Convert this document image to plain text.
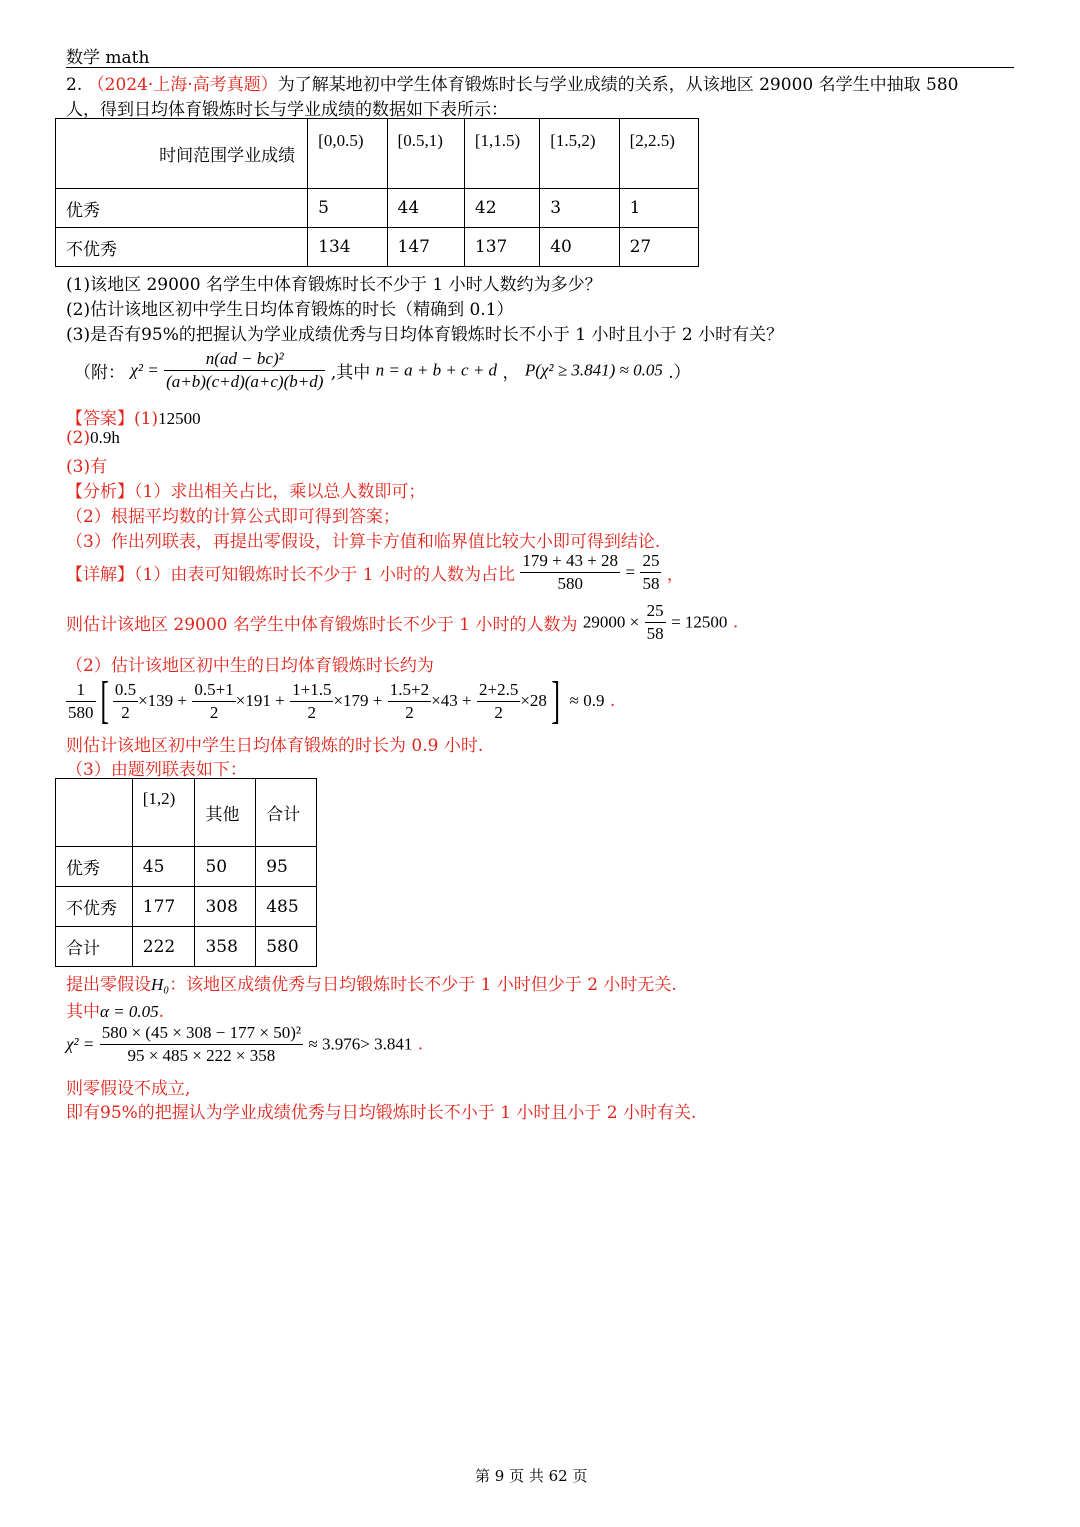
数学 math
2. （2024·上海·高考真题）为了解某地初中学生体育锻炼时长与学业成绩的关系，从该地区 29000 名学生中抽取 580
人，得到日均体育锻炼时长与学业成绩的数据如下表所示：
时间范围学业成绩	[0,0.5)	[0.5,1)	[1,1.5)	[1.5,2)	[2,2.5)
优秀	5	44	42	3	1
不优秀	134	147	137	40	27
(1)该地区 29000 名学生中体育锻炼时长不少于 1 小时人数约为多少？
(2)估计该地区初中学生日均体育锻炼的时长（精确到 0.1）
(3)是否有95%的把握认为学业成绩优秀与日均体育锻炼时长不小于 1 小时且小于 2 小时有关？
（附： $\chi^2 = \frac{\text{n(ad − bc)²}}{(a+b)(c+d)(a+c)(b+d)}$ ,其中 n = a + b + c + d ， P(χ² ≥ 3.841) ≈ 0.05 .）
【答案】(1)12500
(2)0.9h
(3)有
【分析】（1）求出相关占比，乘以总人数即可；
（2）根据平均数的计算公式即可得到答案；
（3）作出列联表，再提出零假设，计算卡方值和临界值比较大小即可得到结论.
【详解】（1）由表可知锻炼时长不少于 1 小时的人数为占比 $\frac{179 + 43 + 28}{580} = \frac{25}{58}$ ，
则估计该地区 29000 名学生中体育锻炼时长不少于 1 小时的人数为 $29000 \times \frac{25}{58} = 12500$ .
（2）估计该地区初中生的日均体育锻炼时长约为
$\frac{1}{580}$ [ $\frac{0.5}{2} \times 139 + \frac{0.5+1}{2} \times 191 + \frac{1+1.5}{2} \times 179 + \frac{1.5+2}{2} \times 43 + \frac{2+2.5}{2} \times 28] \approx 0.9$ .
则估计该地区初中学生日均体育锻炼的时长为 0.9 小时.
（3）由题列联表如下：
	[1,2)	其他	合计
优秀	45	50	95
不优秀	177	308	485
合计	222	358	580
提出零假设H₀：该地区成绩优秀与日均锻炼时长不少于 1 小时但少于 2 小时无关.
其中α = 0.05.
$\chi^2 = \frac{\text{580 × (45 × 308 − 177 × 50)²}}{95 \times 485 \times 222 \times 358} \approx 3.976> 3.841$ .
则零假设不成立,
即有95%的把握认为学业成绩优秀与日均锻炼时长不小于 1 小时且小于 2 小时有关.
第 9 页 共 62 页
